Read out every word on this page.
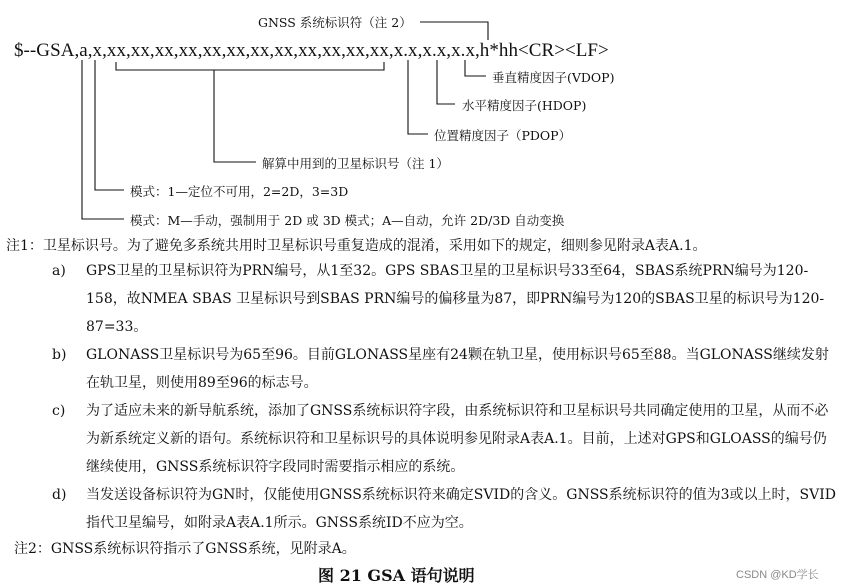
$--GSA,a,x,xx,xx,xx,xx,xx,xx,xx,xx,xx,xx,xx,xx,x.x,x.x,x.x,h*hh<CR><LF>
GNSS 系统标识符（注 2）
垂直精度因子(VDOP)
水平精度因子(HDOP)
位置精度因子（PDOP）
解算中用到的卫星标识号（注 1）
模式：1—定位不可用，2=2D，3=3D
模式：M—手动，强制用于 2D 或 3D 模式；A—自动，允许 2D/3D 自动变换
注1：卫星标识号。为了避免多系统共用时卫星标识号重复造成的混淆，采用如下的规定，细则参见附录A表A.1。
a) GPS卫星的卫星标识符为PRN编号，从1至32。GPS SBAS卫星的卫星标识号33至64，SBAS系统PRN编号为120-158，故NMEA SBAS 卫星标识号到SBAS PRN编号的偏移量为87，即PRN编号为120的SBAS卫星的标识号为120-87=33。
b) GLONASS卫星标识号为65至96。目前GLONASS星座有24颗在轨卫星，使用标识号65至88。当GLONASS继续发射在轨卫星，则使用89至96的标志号。
c) 为了适应未来的新导航系统，添加了GNSS系统标识符字段，由系统标识符和卫星标识号共同确定使用的卫星，从而不必为新系统定义新的语句。系统标识符和卫星标识号的具体说明参见附录A表A.1。目前，上述对GPS和GLOASS的编号仍继续使用，GNSS系统标识符字段同时需要指示相应的系统。
d) 当发送设备标识符为GN时，仅能使用GNSS系统标识符来确定SVID的含义。GNSS系统标识符的值为3或以上时，SVID指代卫星编号，如附录A表A.1所示。GNSS系统ID不应为空。
注2：GNSS系统标识符指示了GNSS系统，见附录A。
图 21 GSA 语句说明	CSDN @KD学长
